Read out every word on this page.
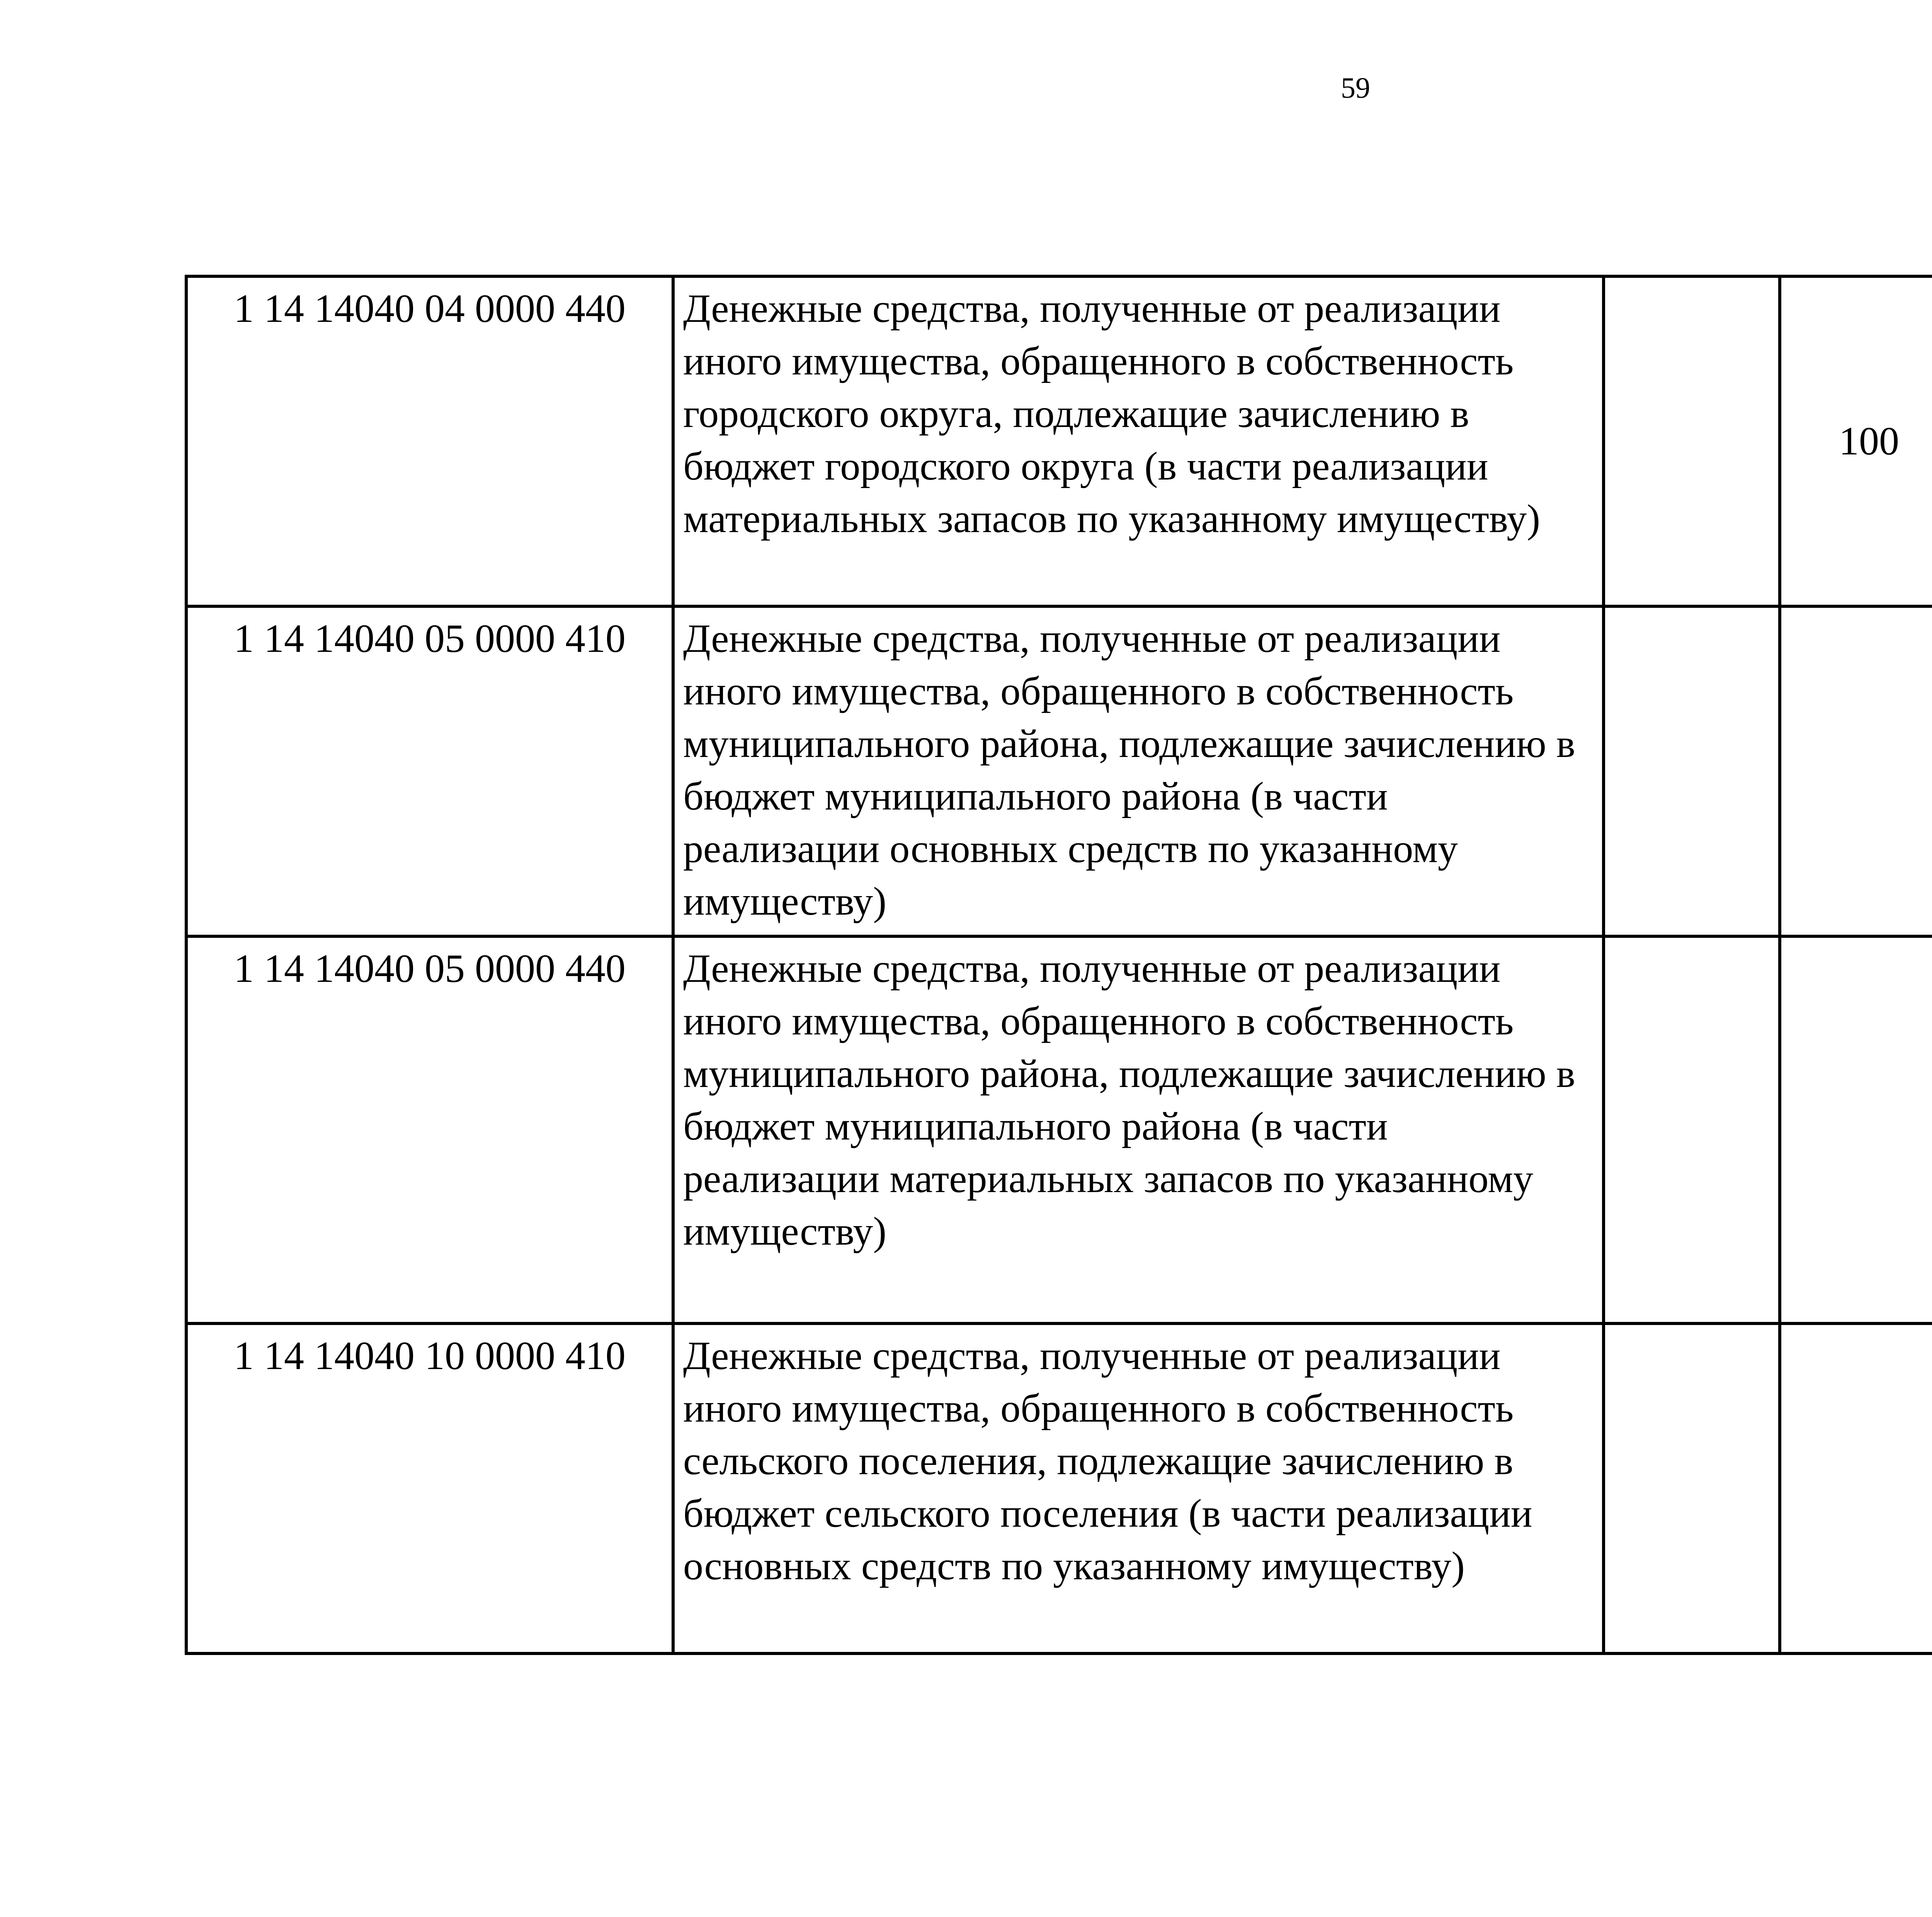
59
1 14 14040 04 0000 440	Денежные средства, полученные от реализации иного имущества, обращенного в собственность городского округа, подлежащие зачислению в бюджет городского округа (в части реализации материальных запасов по указанному имуществу)		100			
1 14 14040 05 0000 410	Денежные средства, полученные от реализации иного имущества, обращенного в собственность муниципального района, подлежащие зачислению в бюджет муниципального района (в части реализации основных средств по указанному имуществу)					
1 14 14040 05 0000 440	Денежные средства, полученные от реализации иного имущества, обращенного в собственность муниципального района, подлежащие зачислению в бюджет муниципального района (в части реализации материальных запасов по указанному имуществу)					
1 14 14040 10 0000 410	Денежные средства, полученные от реализации иного имущества, обращенного в собственность сельского поселения, подлежащие зачислению в бюджет сельского поселения (в части реализации основных средств по указанному имуществу)					
